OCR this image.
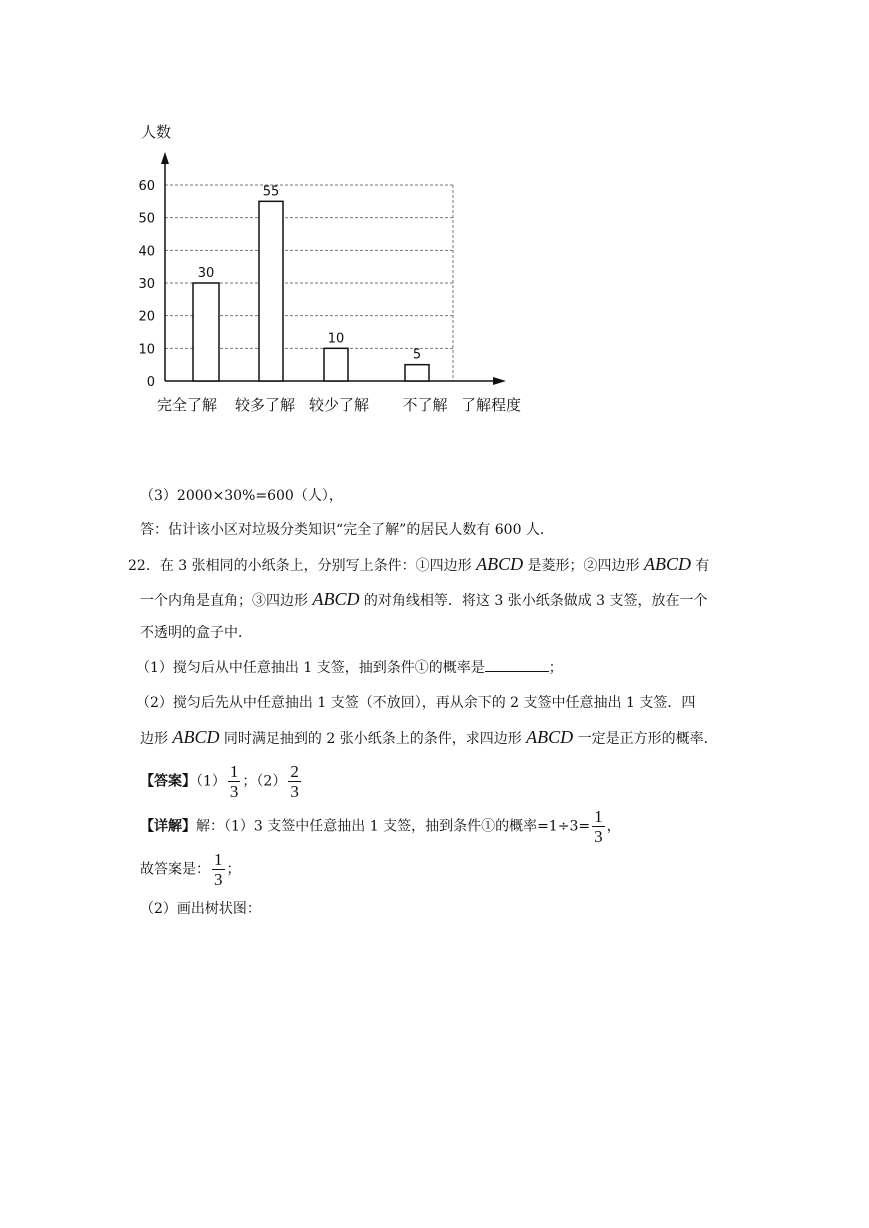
0
10
20
30
40
50
60
人数
了解程度
30
完全了解
55
较多了解
10
较少了解
5
不了解
（3）2000×30%=600（人），
答：估计该小区对垃圾分类知识“完全了解”的居民人数有 600 人．
22．在 3 张相同的小纸条上，分别写上条件：①四边形 ABCD 是菱形；②四边形 ABCD 有
一个内角是直角；③四边形 ABCD 的对角线相等．将这 3 张小纸条做成 3 支签，放在一个
不透明的盒子中．
（1）搅匀后从中任意抽出 1 支签，抽到条件①的概率是	；
（2）搅匀后先从中任意抽出 1 支签（不放回），再从余下的 2 支签中任意抽出 1 支签．四
边形 ABCD 同时满足抽到的 2 张小纸条上的条件，求四边形 ABCD 一定是正方形的概率．
【答案】$(1) \frac{1}{3}$ ；$(2) \frac{2}{3}$
【详解】解：（1）3 支签中任意抽出 1 支签，抽到条件①的概率$=1\div 3= \frac{1}{3}$ ，
故答案是： $\frac{1}{3}$ ；
（2）画出树状图：
